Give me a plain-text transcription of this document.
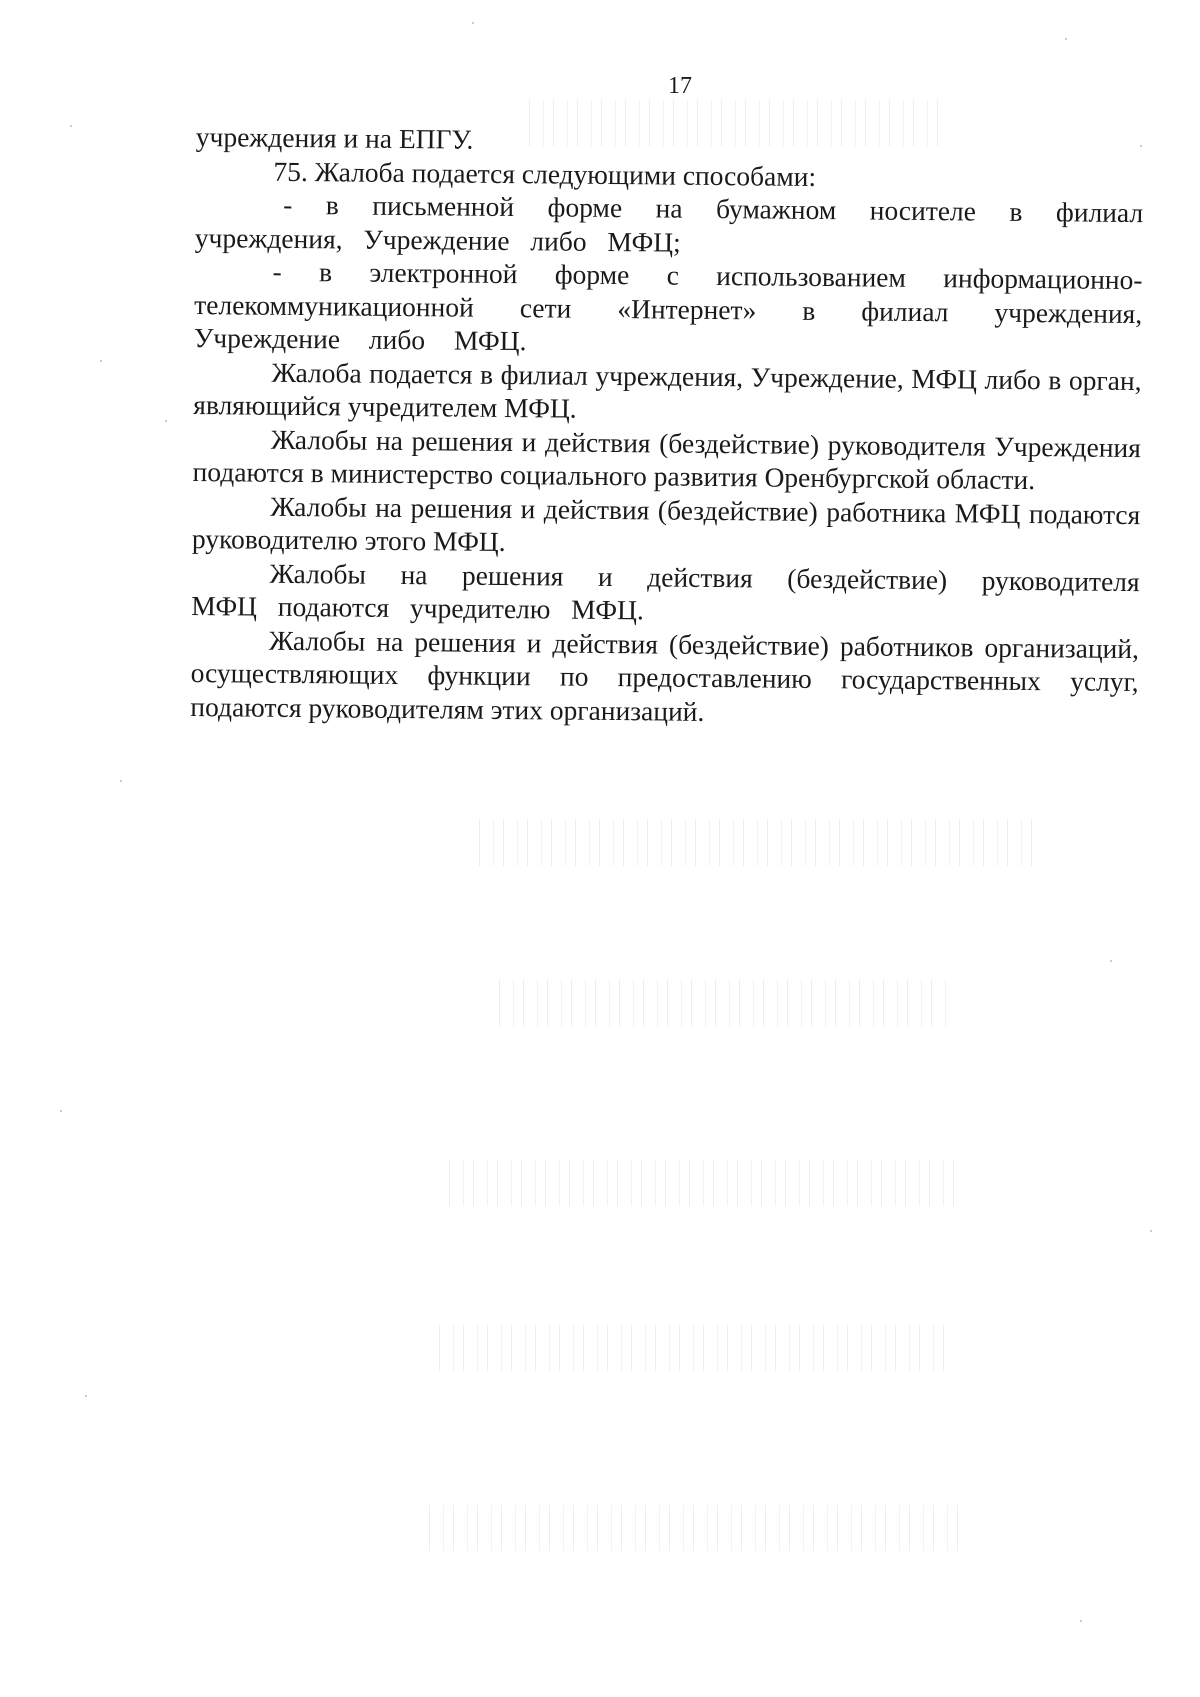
17

учреждения и на ЕПГУ.

75. Жалоба подается следующими способами:

- в письменной форме на бумажном носителе в филиал учреждения, Учреждение либо МФЦ;

- в электронной форме с использованием информационно-телекоммуникационной сети «Интернет» в филиал учреждения, Учреждение либо МФЦ.

Жалоба подается в филиал учреждения, Учреждение, МФЦ либо в орган, являющийся учредителем МФЦ.

Жалобы на решения и действия (бездействие) руководителя Учреждения подаются в министерство социального развития Оренбургской области.

Жалобы на решения и действия (бездействие) работника МФЦ подаются руководителю этого МФЦ.

Жалобы на решения и действия (бездействие) руководителя МФЦ подаются учредителю МФЦ.

Жалобы на решения и действия (бездействие) работников организаций, осуществляющих функции по предоставлению государственных услуг, подаются руководителям этих организаций.
